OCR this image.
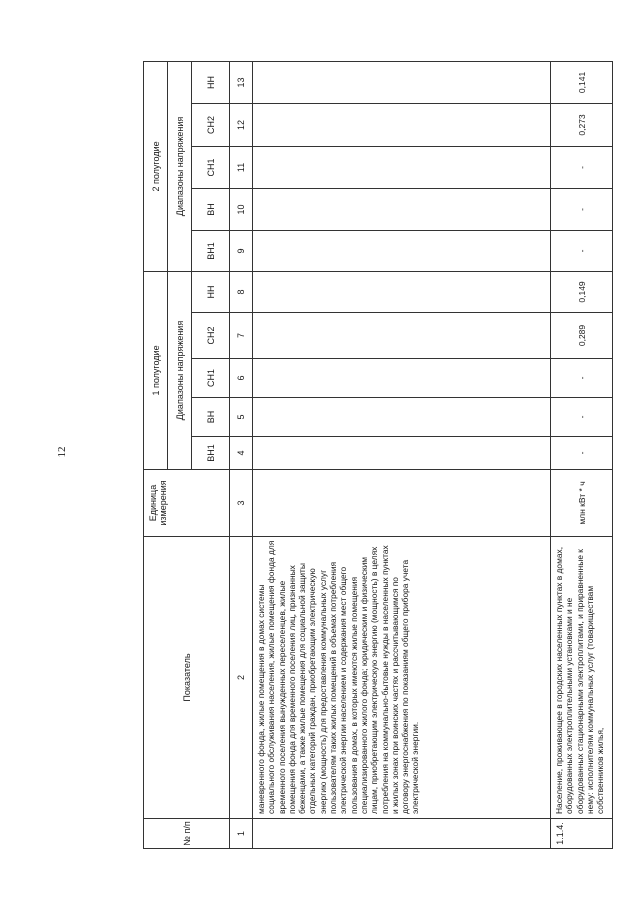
12
№ п/п	Показатель	Единица измерения	1 полугодие					2 полугодие				
			Диапазоны напряжения					Диапазоны напряжения				
			ВН1	ВН	СН1	СН2	НН	ВН1	ВН	СН1	СН2	НН
1	2	3	4	5	6	7	8	9	10	11	12	13
	маневренного фонда, жилые помещения в домах системы социального обслуживания населения, жилые помещения фонда для временного поселения вынужденных переселенцев, жилые помещения фонда для временного поселения лиц, признанных беженцами, а также жилые помещения для социальной защиты отдельных категорий граждан, приобретающим электрическую энергию (мощность) для предоставления коммунальных услуг пользователям таких жилых помещений в объемах потребления электрической энергии населением и содержания мест общего пользования в домах, в которых имеются жилые помещения специализированного жилого фонда; юридическим и физическим лицам, приобретающим электрическую энергию (мощность) в целях потребления на коммунально-бытовые нужды в населенных пунктах и жилых зонах при воинских частях и рассчитывающимся по договору энергоснабжения по показаниям общего прибора учета электрической энергии.											
1.1.4.	Население, проживающее в городских населенных пунктах в домах, оборудованных электроплительными установками и не оборудованных стационарными электроплитами, и приравненные к нему: исполнителям коммунальных услуг (товариществам собственников жилья,	млн кВт * ч	-	-	-	0,289	0,149	-	-	-	0,273	0,141
